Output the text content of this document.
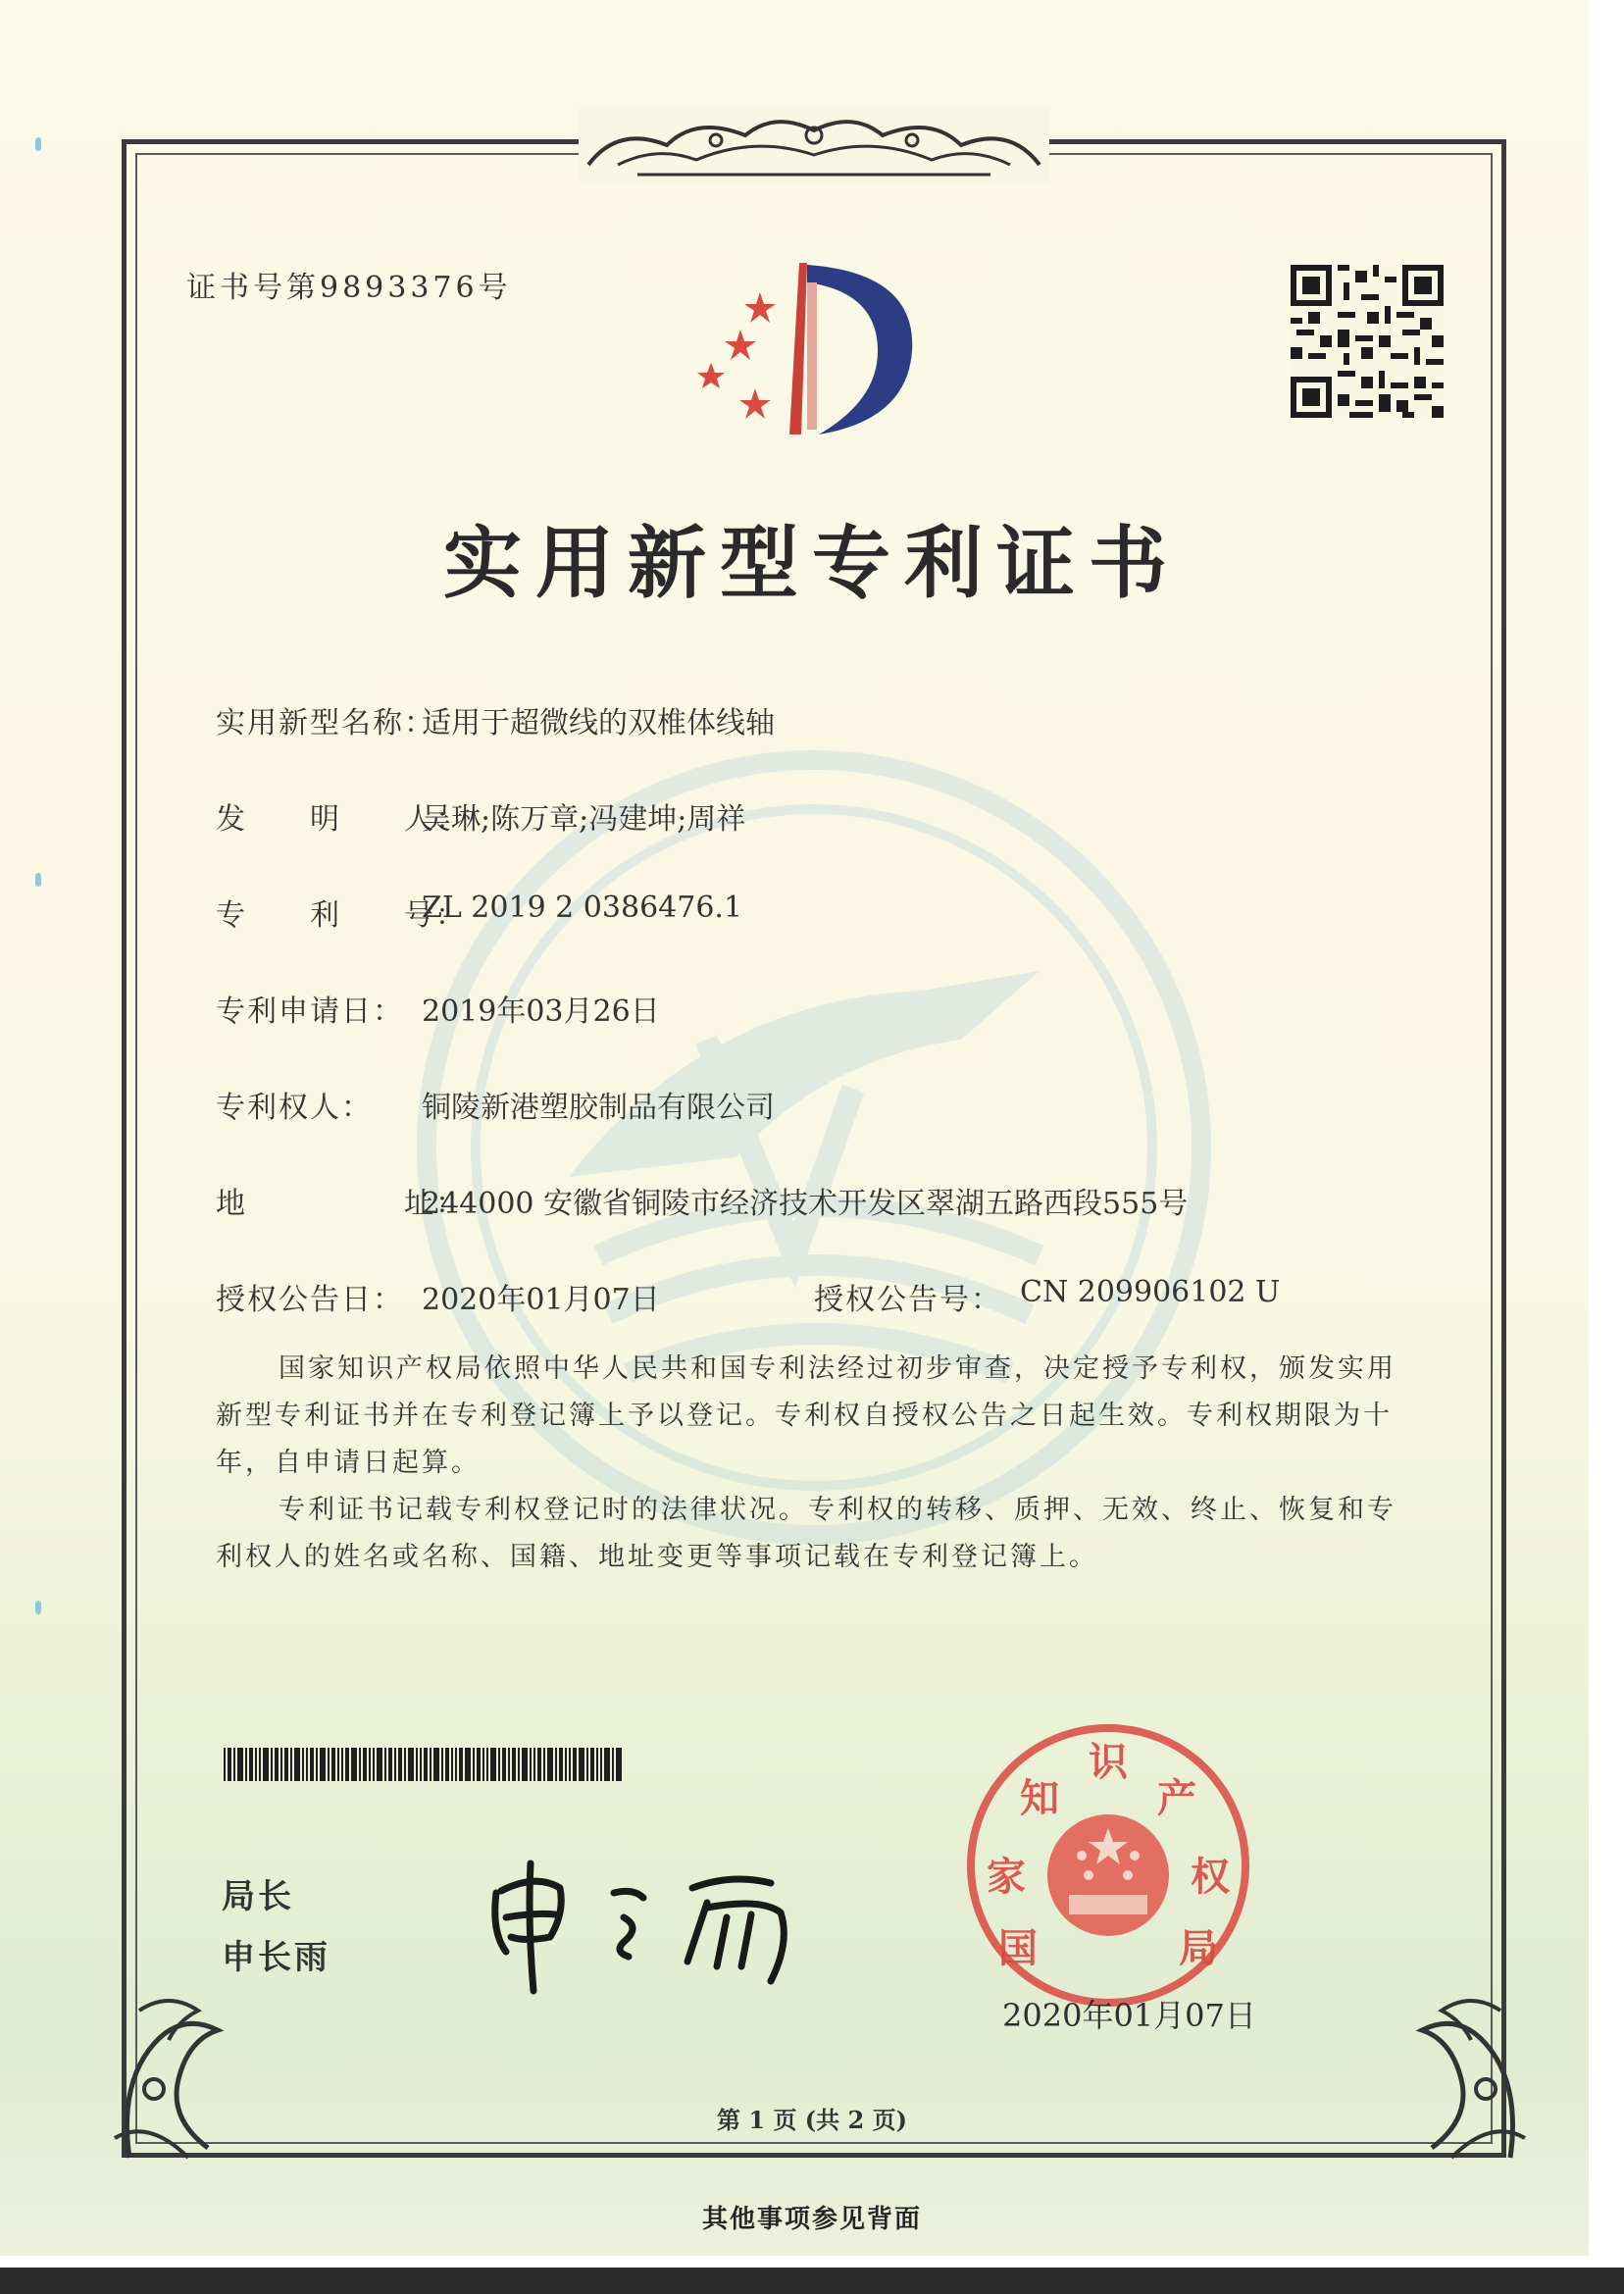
证书号第9893376号
实用新型专利证书
实用新型名称：
适用于超微线的双椎体线轴
发　　明　　人：
吴琳;陈万章;冯建坤;周祥
专　　利　　号：
ZL 2019 2 0386476.1
专利申请日： 2019年03月26日
专利权人： 铜陵新港塑胶制品有限公司
地　　　　　址：
244000 安徽省铜陵市经济技术开发区翠湖五路西段555号
授权公告日： 2020年01月07日	授权公告号： CN 209906102 U
国家知识产权局依照中华人民共和国专利法经过初步审查，决定授予专利权，颁发实用新型专利证书并在专利登记簿上予以登记。专利权自授权公告之日起生效。专利权期限为十年，自申请日起算。
专利证书记载专利权登记时的法律状况。专利权的转移、质押、无效、终止、恢复和专利权人的姓名或名称、国籍、地址变更等事项记载在专利登记簿上。
局长
申长雨	国
家
知
识
产
权
局
2020年01月07日
第 1 页 (共 2 页)
其他事项参见背面
